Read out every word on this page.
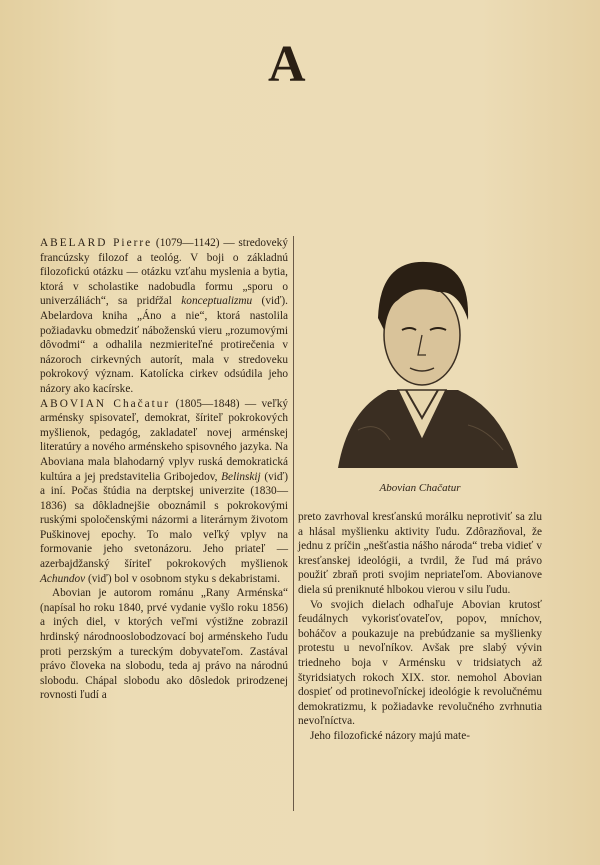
A

ABELARD Pierre (1079—1142) — stredoveký francúzsky filozof a teológ. V boji o základnú filozofickú otázku — otázku vzťahu myslenia a bytia, ktorá v scholastike nadobudla formu „sporu o univerzáliách“, sa pridŕžal konceptualizmu (viď). Abelardova kniha „Áno a nie“, ktorá nastolila požiadavku obmedziť náboženskú vieru „rozumovými dôvodmi“ a odhalila nezmieriteľné protirečenia v názoroch cirkevných autorít, mala v stredoveku pokrokový význam. Katolícka cirkev odsúdila jeho názory ako kacírske.

ABOVIAN Chačatur (1805—1848) — veľký arménsky spisovateľ, demokrat, šíriteľ pokrokových myšlienok, pedagóg, zakladateľ novej arménskej literatúry a nového arménskeho spisovného jazyka. Na Aboviana mala blahodarný vplyv ruská demokratická kultúra a jej predstavitelia Gribojedov, Belinskij (viď) a iní. Počas štúdia na derptskej univerzite (1830—1836) sa dôkladnejšie oboznámil s pokrokovými ruskými spoločenskými názormi a literárnym životom Puškinovej epochy. To malo veľký vplyv na formovanie jeho svetonázoru. Jeho priateľ — azerbajdžanský šíriteľ pokrokových myšlienok Achundov (viď) bol v osobnom styku s dekabristami.

Abovian je autorom románu „Rany Arménska“ (napísal ho roku 1840, prvé vydanie vyšlo roku 1856) a iných diel, v ktorých veľmi výstižne zobrazil hrdinský národnooslobodzovací boj arménskeho ľudu proti perzským a tureckým dobyvateľom. Zastával právo človeka na slobodu, teda aj právo na národnú slobodu. Chápal slobodu ako dôsledok prirodzenej rovnosti ľudí a

Abovian Chačatur

preto zavrhoval kresťanskú morálku neprotiviť sa zlu a hlásal myšlienku aktivity ľudu. Zdôrazňoval, že jednu z príčin „nešťastia nášho národa“ treba vidieť v kresťanskej ideológii, a tvrdil, že ľud má právo použiť zbraň proti svojim nepriateľom. Abovianove diela sú preniknuté hlbokou vierou v silu ľudu.

Vo svojich dielach odhaľuje Abovian krutosť feudálnych vykorisťovateľov, popov, mníchov, boháčov a poukazuje na prebúdzanie sa myšlienky protestu u nevoľníkov. Avšak pre slabý vývin triedneho boja v Arménsku v tridsiatych až štyridsiatych rokoch XIX. stor. nemohol Abovian dospieť od protinevoľníckej ideológie k revolučnému demokratizmu, k požiadavke revolučného zvrhnutia nevoľníctva.

Jeho filozofické názory majú mate-
